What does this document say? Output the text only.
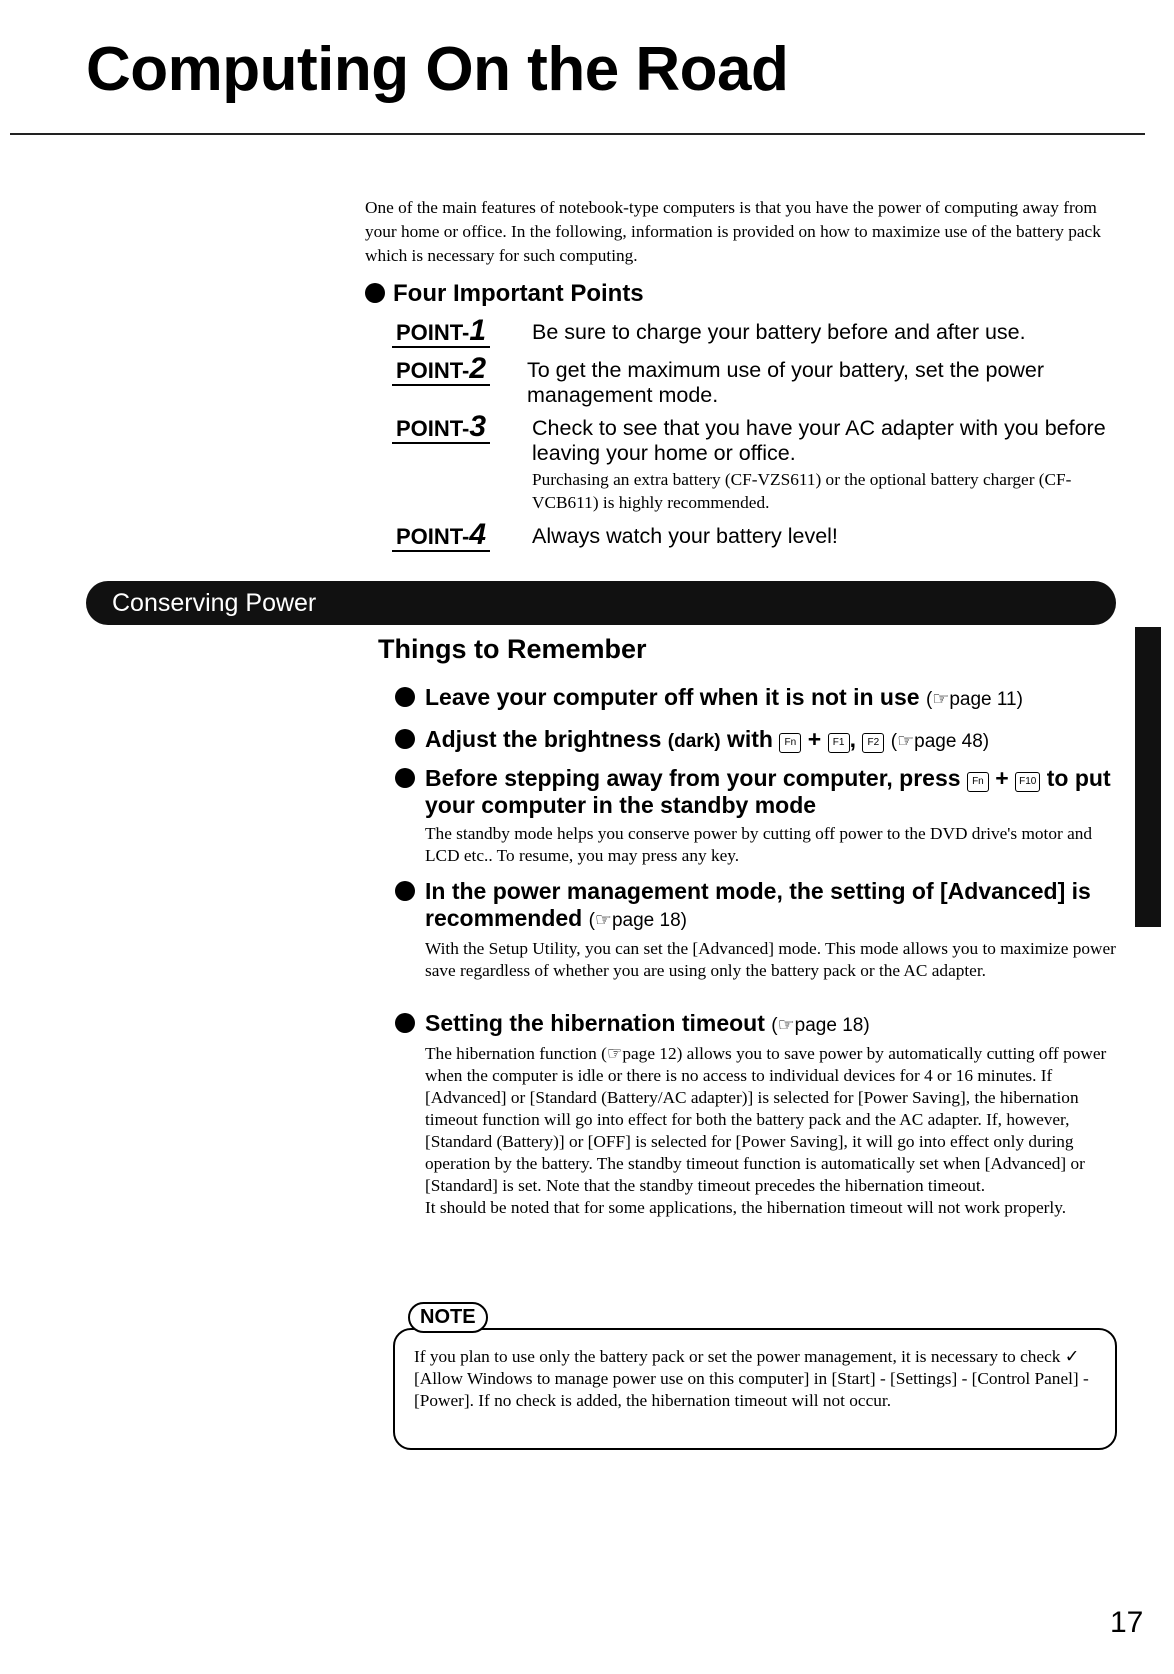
Computing On the Road

One of the main features of notebook-type computers is that you have the power of computing away from your home or office. In the following, information is provided on how to maximize use of the battery pack which is necessary for such computing.

Four Important Points
POINT-1 Be sure to charge your battery before and after use.

POINT-2 To get the maximum use of your battery, set the power management mode.

POINT-3 Check to see that you have your AC adapter with you before leaving your home or office.
Purchasing an extra battery (CF-VZS611) or the optional battery charger (CF-VCB611) is highly recommended.
POINT-4 Always watch your battery level!

Conserving Power
Things to Remember

Leave your computer off when it is not in use (☞page 11)

Adjust the brightness (dark) with Fn + F1 , F2 (☞page 48)

Before stepping away from your computer, press Fn + F10 to put your computer in the standby mode

The standby mode helps you conserve power by cutting off power to the DVD drive's motor and LCD etc.. To resume, you may press any key.

In the power management mode, the setting of [Advanced] is recommended (☞page 18)

With the Setup Utility, you can set the [Advanced] mode. This mode allows you to maximize power save regardless of whether you are using only the battery pack or the AC adapter.

Setting the hibernation timeout (☞page 18)

The hibernation function (☞page 12) allows you to save power by automatically cutting off power when the computer is idle or there is no access to individual devices for 4 or 16 minutes. If [Advanced] or [Standard (Battery/AC adapter)] is selected for [Power Saving], the hibernation timeout function will go into effect for both the battery pack and the AC adapter. If, however, [Standard (Battery)] or [OFF] is selected for [Power Saving], it will go into effect only during operation by the battery. The standby timeout function is automatically set when [Advanced] or [Standard] is set. Note that the standby timeout precedes the hibernation timeout.

It should be noted that for some applications, the hibernation timeout will not work properly.

NOTE

If you plan to use only the battery pack or set the power management, it is necessary to check ✓ [Allow Windows to manage power use on this computer] in [Start] - [Settings] - [Control Panel] - [Power]. If no check is added, the hibernation timeout will not occur.

17
